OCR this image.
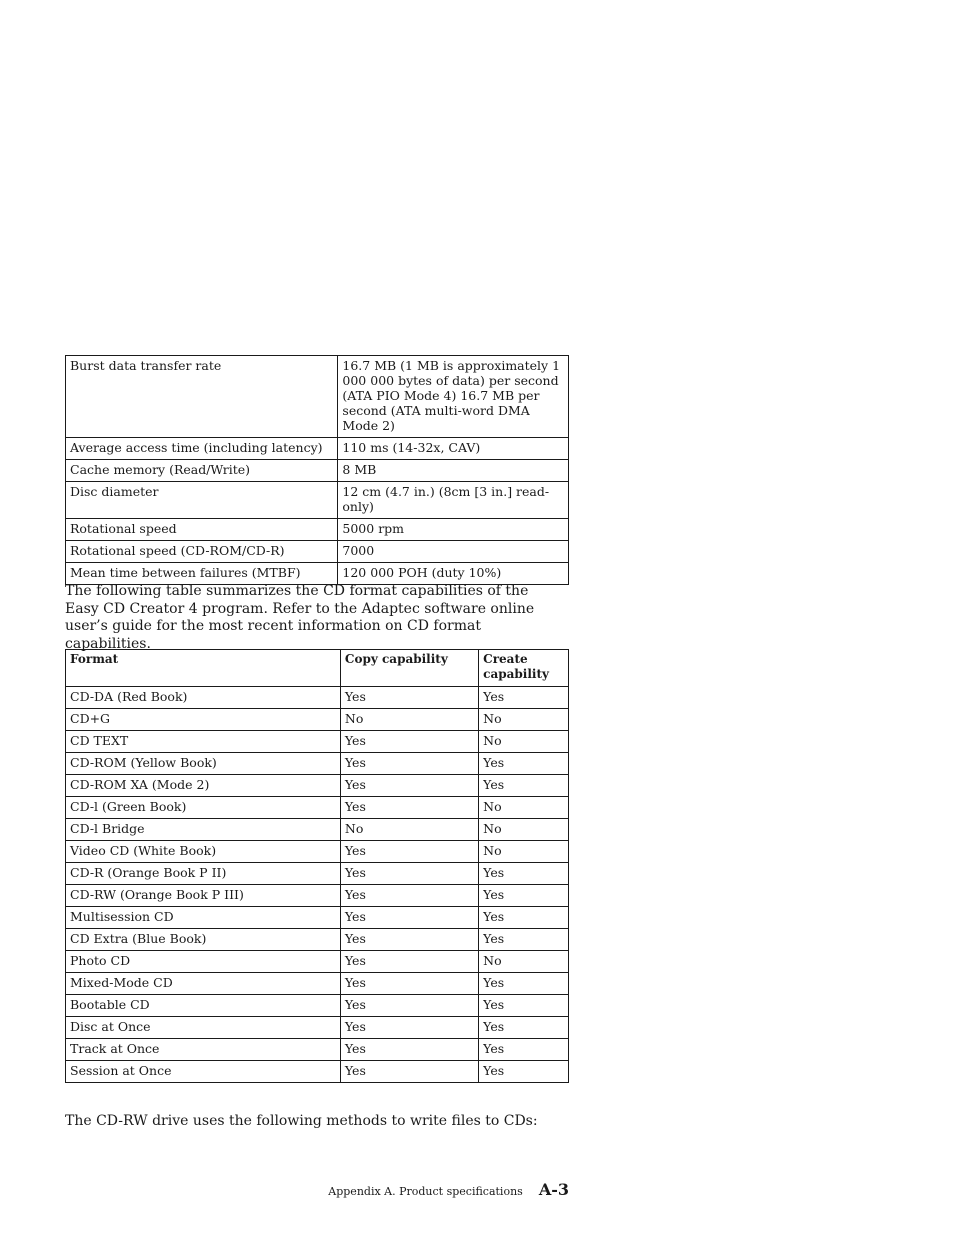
Burst data transfer rate	16.7 MB (1 MB is approximately 1 000 000 bytes of data) per second (ATA PIO Mode 4) 16.7 MB per second (ATA multi-word DMA Mode 2)
Average access time (including latency)	110 ms (14-32x, CAV)
Cache memory (Read/Write)	8 MB
Disc diameter	12 cm (4.7 in.) (8cm [3 in.] read-only)
Rotational speed	5000 rpm
Rotational speed (CD-ROM/CD-R)	7000
Mean time between failures (MTBF)	120 000 POH (duty 10%)

The following table summarizes the CD format capabilities of the Easy CD Creator 4 program. Refer to the Adaptec software online user’s guide for the most recent information on CD format capabilities.

Format	Copy capability	Create capability
CD-DA (Red Book)	Yes	Yes
CD+G	No	No
CD TEXT	Yes	No
CD-ROM (Yellow Book)	Yes	Yes
CD-ROM XA (Mode 2)	Yes	Yes
CD-l (Green Book)	Yes	No
CD-l Bridge	No	No
Video CD (White Book)	Yes	No
CD-R (Orange Book P II)	Yes	Yes
CD-RW (Orange Book P III)	Yes	Yes
Multisession CD	Yes	Yes
CD Extra (Blue Book)	Yes	Yes
Photo CD	Yes	No
Mixed-Mode CD	Yes	Yes
Bootable CD	Yes	Yes
Disc at Once	Yes	Yes
Track at Once	Yes	Yes
Session at Once	Yes	Yes

The CD-RW drive uses the following methods to write files to CDs:

Appendix A. Product specifications A-3
